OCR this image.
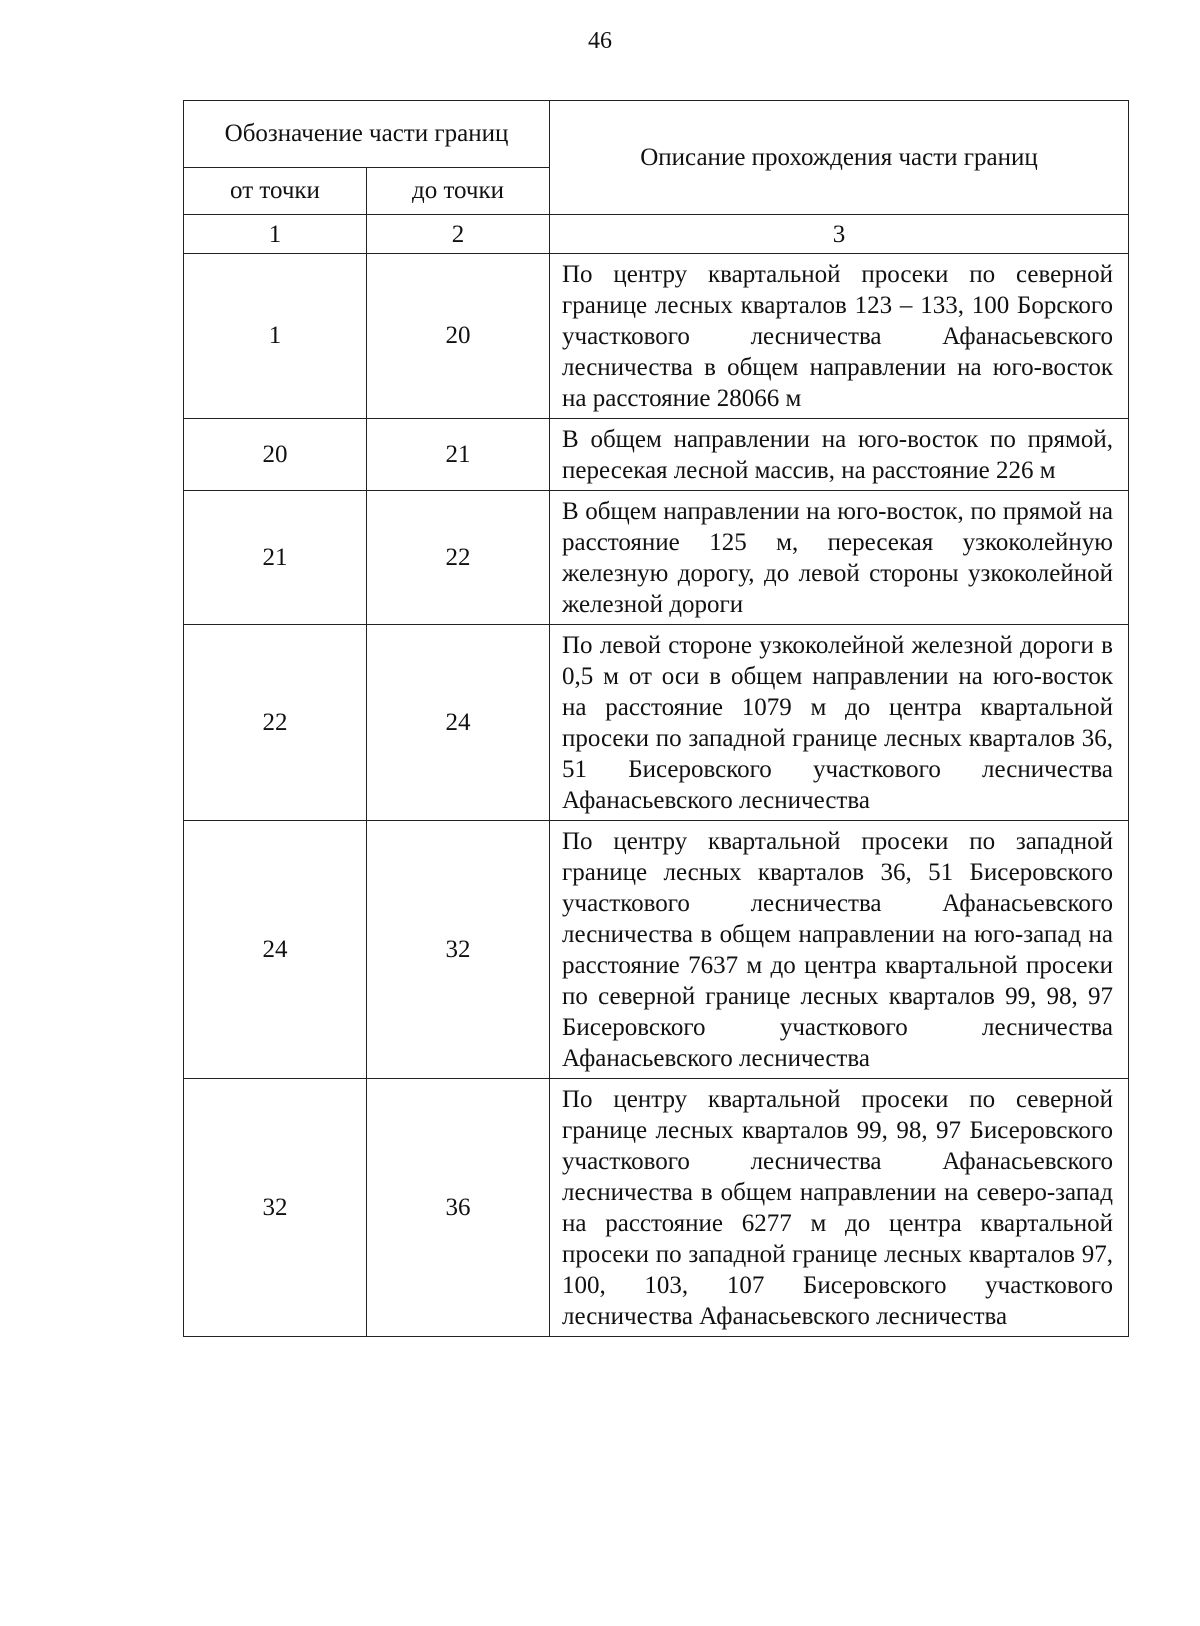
46
Обозначение части границ		Описание прохождения части границ
от точки	до точки	
1	2	3
1	20	По центру квартальной просеки по северной границе лесных кварталов 123 – 133, 100 Борского участкового лесничества Афанасьевского лесничества в общем направлении на юго-восток на расстояние 28066 м
20	21	В общем направлении на юго-восток по прямой, пересекая лесной массив, на расстояние 226 м
21	22	В общем направлении на юго-восток, по прямой на расстояние 125 м, пересекая узкоколейную железную дорогу, до левой стороны узкоколейной железной дороги
22	24	По левой стороне узкоколейной железной дороги в 0,5 м от оси в общем направлении на юго-восток на расстояние 1079 м до центра квартальной просеки по западной границе лесных кварталов 36, 51 Бисеровского участкового лесничества Афанасьевского лесничества
24	32	По центру квартальной просеки по западной границе лесных кварталов 36, 51 Бисеровского участкового лесничества Афанасьевского лесничества в общем направлении на юго-запад на расстояние 7637 м до центра квартальной просеки по северной границе лесных кварталов 99, 98, 97 Бисеровского участкового лесничества Афанасьевского лесничества
32	36	По центру квартальной просеки по северной границе лесных кварталов 99, 98, 97 Бисеровского участкового лесничества Афанасьевского лесничества в общем направлении на северо-запад на расстояние 6277 м до центра квартальной просеки по западной границе лесных кварталов 97, 100, 103, 107 Бисеровского участкового лесничества Афанасьевского лесничества
